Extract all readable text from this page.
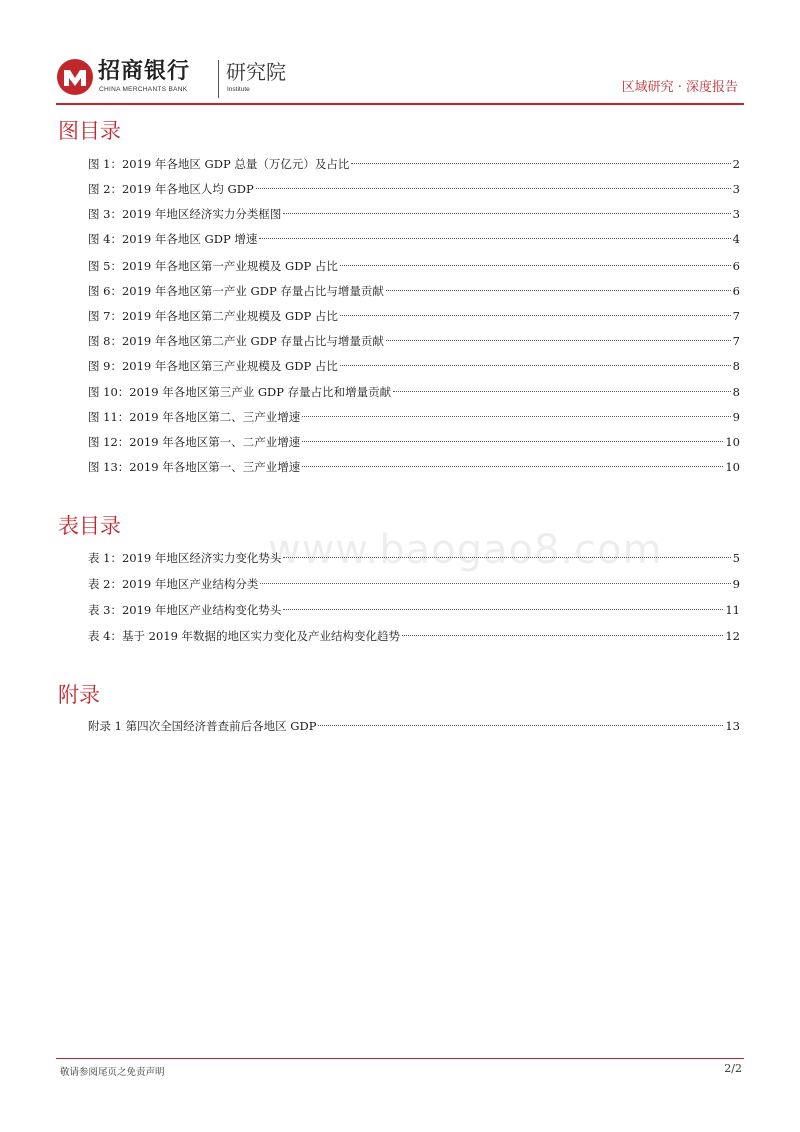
招商银行
CHINA MERCHANTS BANK
研究院
Institute	区域研究 · 深度报告
www.baogao8.com
图目录
图 1：2019 年各地区 GDP 总量（万亿元）及占比	2
图 2：2019 年各地区人均 GDP	3
图 3：2019 年地区经济实力分类框图	3
图 4：2019 年各地区 GDP 增速	4
图 5：2019 年各地区第一产业规模及 GDP 占比	6
图 6：2019 年各地区第一产业 GDP 存量占比与增量贡献	6
图 7：2019 年各地区第二产业规模及 GDP 占比	7
图 8：2019 年各地区第二产业 GDP 存量占比与增量贡献	7
图 9：2019 年各地区第三产业规模及 GDP 占比	8
图 10：2019 年各地区第三产业 GDP 存量占比和增量贡献	8
图 11：2019 年各地区第二、三产业增速	9
图 12：2019 年各地区第一、二产业增速	10
图 13：2019 年各地区第一、三产业增速	10
表目录
表 1：2019 年地区经济实力变化势头	5
表 2：2019 年地区产业结构分类	9
表 3：2019 年地区产业结构变化势头	11
表 4：基于 2019 年数据的地区实力变化及产业结构变化趋势	12
附录
附录 1 第四次全国经济普查前后各地区 GDP	13
敬请参阅尾页之免责声明	2/2
